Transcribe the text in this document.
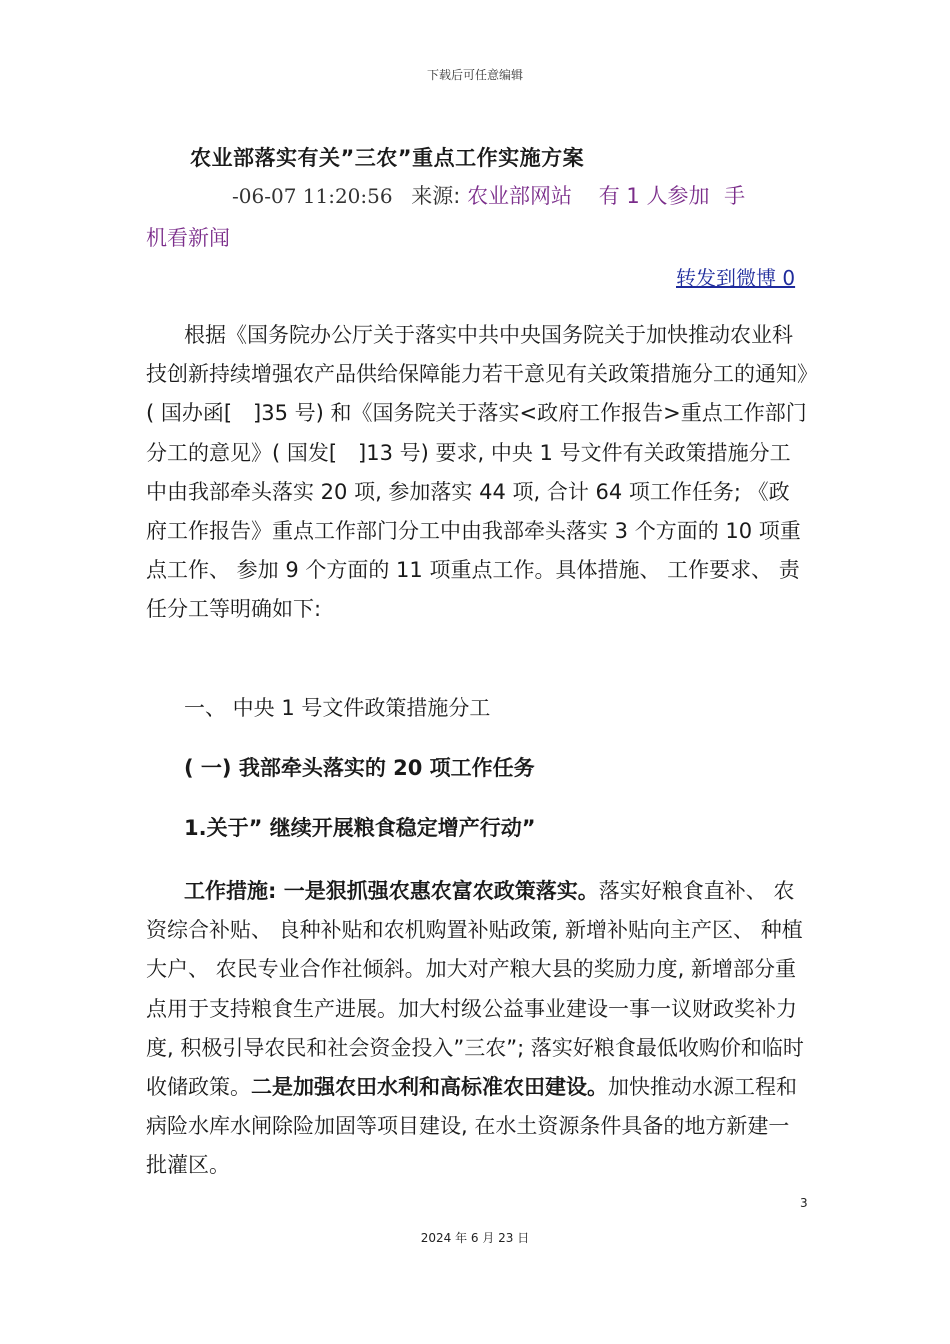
下载后可任意编辑
农业部落实有关”三农”重点工作实施方案
-06-07 11:20:56 来源: 农业部网站 有 1 人参加 手
机看新闻
转发到微博 0
根据《国务院办公厅关于落实中共中央国务院关于加快推动农业科技创新持续增强农产品供给保障能力若干意见有关政策措施分工的通知》( 国办函[　]35 号) 和《国务院关于落实<政府工作报告>重点工作部门分工的意见》( 国发[　]13 号) 要求, 中央 1 号文件有关政策措施分工中由我部牵头落实 20 项, 参加落实 44 项, 合计 64 项工作任务; 《政府工作报告》重点工作部门分工中由我部牵头落实 3 个方面的 10 项重点工作、 参加 9 个方面的 11 项重点工作。具体措施、 工作要求、 责任分工等明确如下:
一、 中央 1 号文件政策措施分工
( 一) 我部牵头落实的 20 项工作任务
1.关于” 继续开展粮食稳定增产行动”
工作措施: 一是狠抓强农惠农富农政策落实。落实好粮食直补、 农资综合补贴、 良种补贴和农机购置补贴政策, 新增补贴向主产区、 种植大户、 农民专业合作社倾斜。加大对产粮大县的奖励力度, 新增部分重点用于支持粮食生产进展。加大村级公益事业建设一事一议财政奖补力度, 积极引导农民和社会资金投入”三农”; 落实好粮食最低收购价和临时收储政策。二是加强农田水利和高标准农田建设。加快推动水源工程和病险水库水闸除险加固等项目建设, 在水土资源条件具备的地方新建一批灌区。
3
2024 年 6 月 23 日
